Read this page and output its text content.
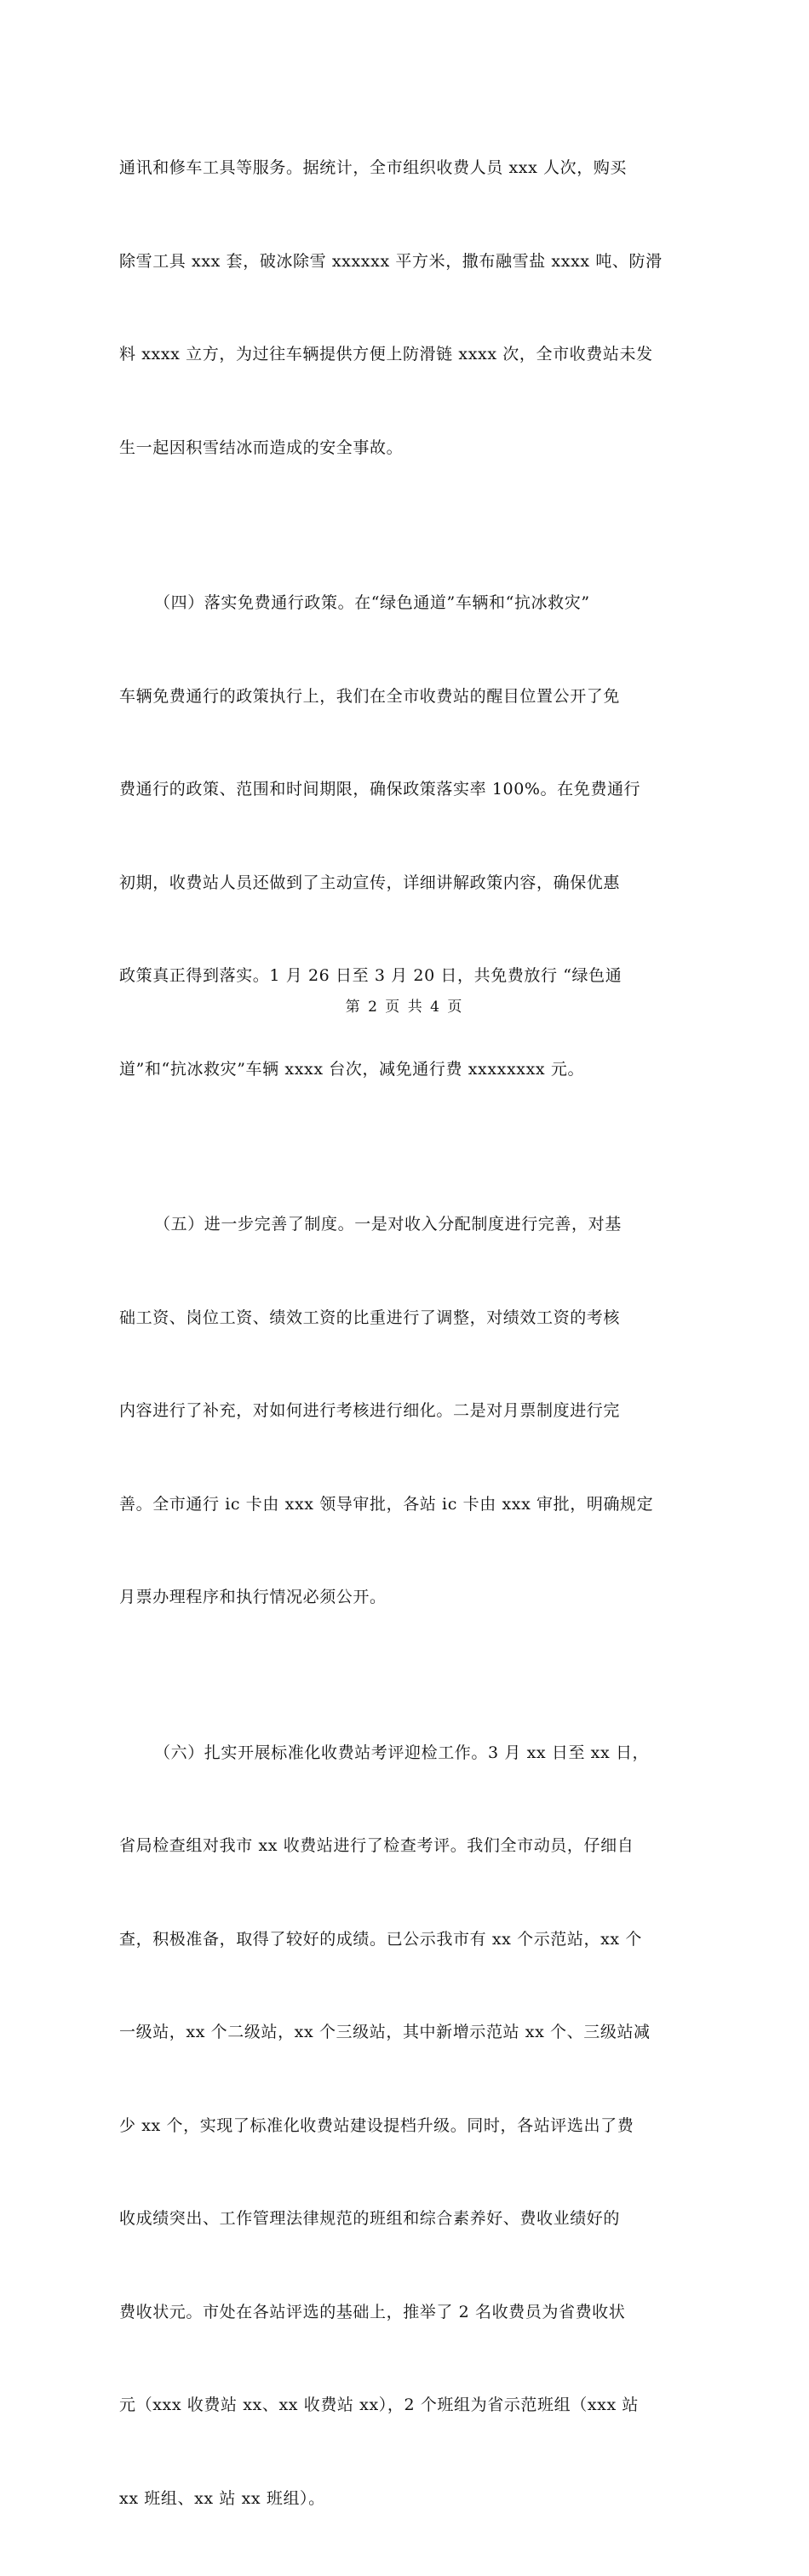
通讯和修车工具等服务。据统计，全市组织收费人员 xxx 人次，购买

除雪工具 xxx 套，破冰除雪 xxxxxx 平方米，撒布融雪盐 xxxx 吨、防滑

料 xxxx 立方，为过往车辆提供方便上防滑链 xxxx 次，全市收费站未发

生一起因积雪结冰而造成的安全事故。

（四）落实免费通行政策。在“绿色通道”车辆和“抗冰救灾”

车辆免费通行的政策执行上，我们在全市收费站的醒目位置公开了免

费通行的政策、范围和时间期限，确保政策落实率 100%。在免费通行

初期，收费站人员还做到了主动宣传，详细讲解政策内容，确保优惠

政策真正得到落实。1 月 26 日至 3 月 20 日，共免费放行 “绿色通

道”和“抗冰救灾”车辆 xxxx 台次，减免通行费 xxxxxxxx 元。

（五）进一步完善了制度。一是对收入分配制度进行完善，对基

础工资、岗位工资、绩效工资的比重进行了调整，对绩效工资的考核

内容进行了补充，对如何进行考核进行细化。二是对月票制度进行完

善。全市通行 ic 卡由 xxx 领导审批，各站 ic 卡由 xxx 审批，明确规定

月票办理程序和执行情况必须公开。

（六）扎实开展标准化收费站考评迎检工作。3 月 xx 日至 xx 日，

省局检查组对我市 xx 收费站进行了检查考评。我们全市动员，仔细自

查，积极准备，取得了较好的成绩。已公示我市有 xx 个示范站，xx 个

一级站，xx 个二级站，xx 个三级站，其中新增示范站 xx 个、三级站减

少 xx 个，实现了标准化收费站建设提档升级。同时，各站评选出了费

收成绩突出、工作管理法律规范的班组和综合素养好、费收业绩好的

费收状元。市处在各站评选的基础上，推举了 2 名收费员为省费收状

元（xxx 收费站 xx、xx 收费站 xx），2 个班组为省示范班组（xxx 站

xx 班组、xx 站 xx 班组）。

第 2 页 共 4 页
